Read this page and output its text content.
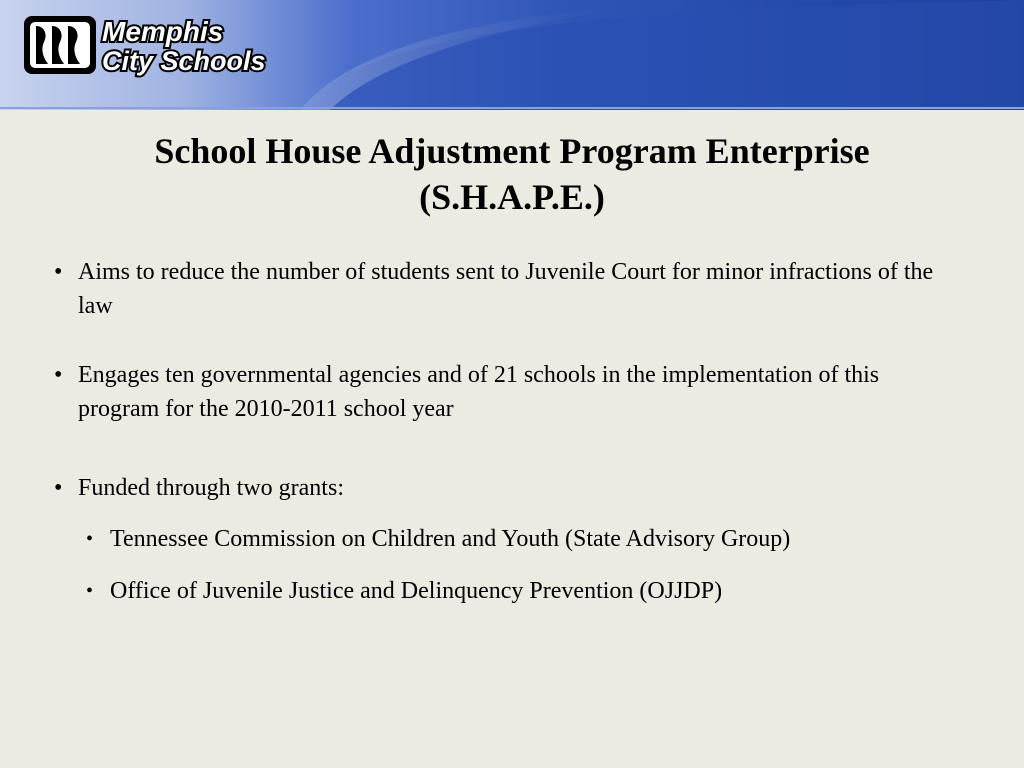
Memphis
City Schools
School House Adjustment Program Enterprise
(S.H.A.P.E.)
• Aims to reduce the number of students sent to Juvenile Court for minor infractions of the law
• Engages ten governmental agencies and of 21 schools in the implementation of this program for the 2010-2011 school year
• Funded through two grants:
• Tennessee Commission on Children and Youth (State Advisory Group)
• Office of Juvenile Justice and Delinquency Prevention (OJJDP)
